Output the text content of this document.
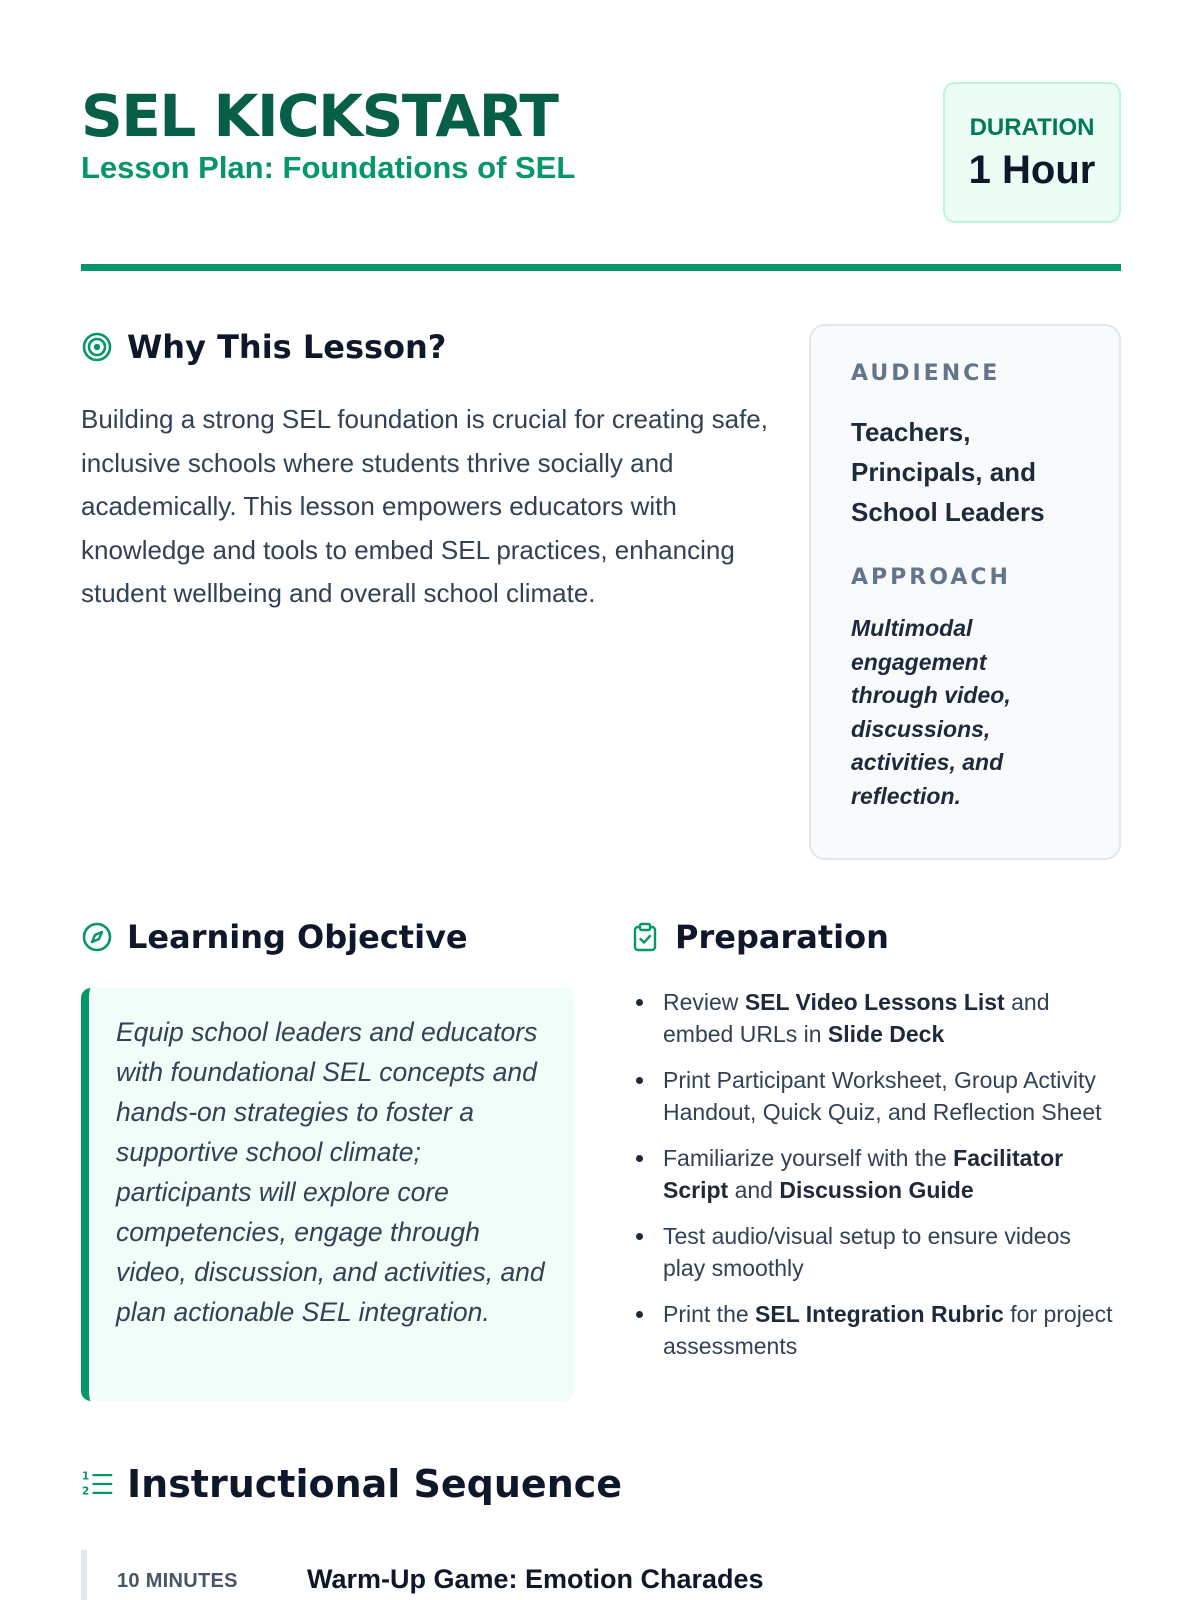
SEL KICKSTART
Lesson Plan: Foundations of SEL
DURATION
1 Hour
Why This Lesson?

Building a strong SEL foundation is crucial for creating safe, inclusive schools where students thrive socially and academically. This lesson empowers educators with knowledge and tools to embed SEL practices, enhancing student wellbeing and overall school climate.

AUDIENCE
Teachers, Principals, and School Leaders
APPROACH
Multimodal engagement through video, discussions, activities, and reflection.
Learning Objective

Equip school leaders and educators with foundational SEL concepts and hands-on strategies to foster a supportive school climate; participants will explore core competencies, engage through video, discussion, and activities, and plan actionable SEL integration.

Preparation
Review SEL Video Lessons List and embed URLs in Slide Deck
Print Participant Worksheet, Group Activity Handout, Quick Quiz, and Reflection Sheet
Familiarize yourself with the Facilitator Script and Discussion Guide
Test audio/visual setup to ensure videos play smoothly
Print the SEL Integration Rubric for project assessments
1
2 Instructional Sequence
10 MINUTES	Warm-Up Game: Emotion Charades
